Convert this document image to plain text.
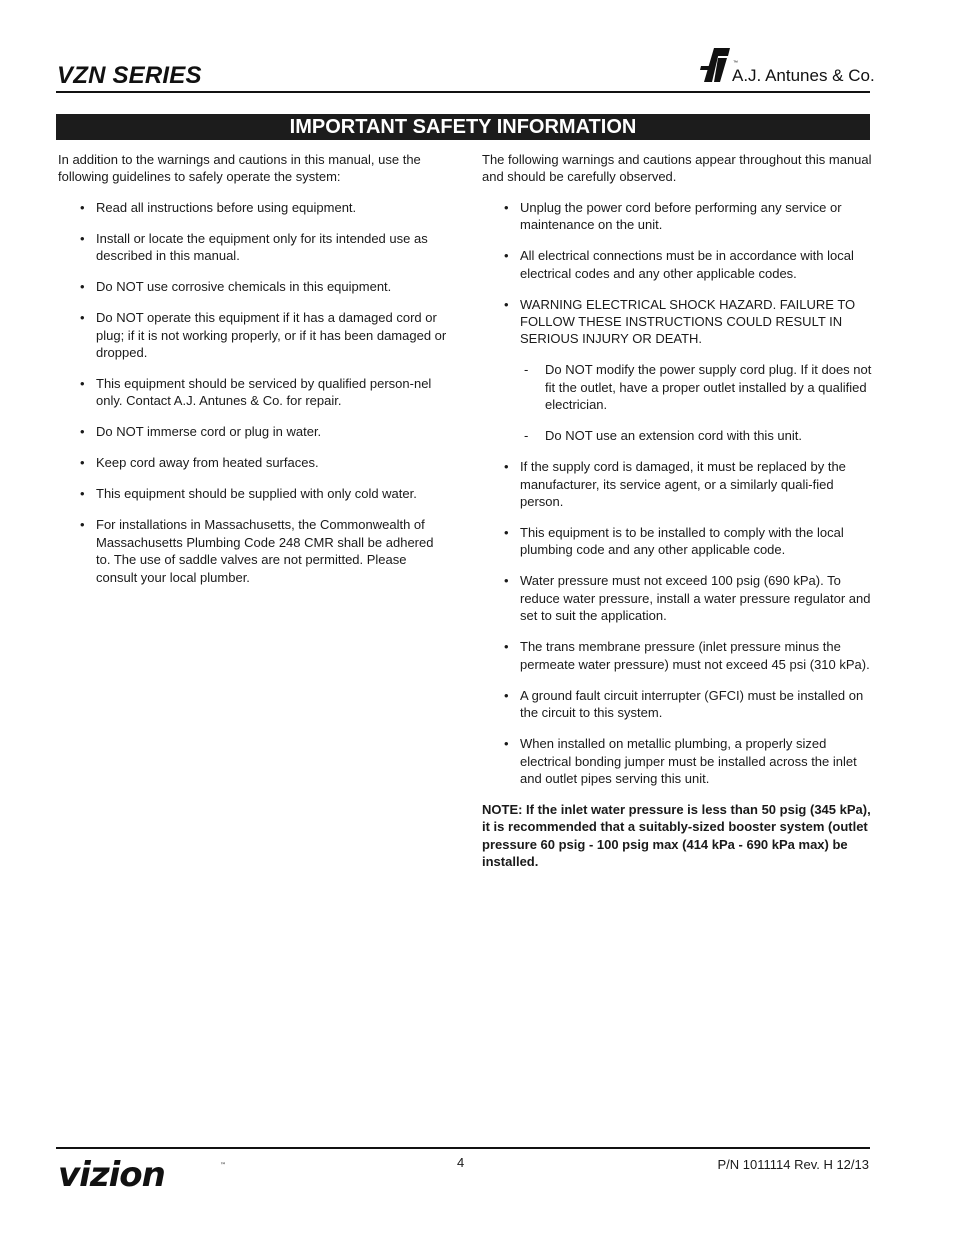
VZN SERIES	™
A.J. Antunes & Co.
IMPORTANT SAFETY INFORMATION

In addition to the warnings and cautions in this manual, use the following guidelines to safely operate the system:

• Read all instructions before using equipment.
• Install or locate the equipment only for its intended use as described in this manual.
• Do NOT use corrosive chemicals in this equipment.
• Do NOT operate this equipment if it has a damaged cord or plug; if it is not working properly, or if it has been damaged or dropped.
• This equipment should be serviced by qualified person-nel only. Contact A.J. Antunes & Co. for repair.
• Do NOT immerse cord or plug in water.
• Keep cord away from heated surfaces.
• This equipment should be supplied with only cold water.
• For installations in Massachusetts, the Commonwealth of Massachusetts Plumbing Code 248 CMR shall be adhered to. The use of saddle valves are not permitted. Please consult your local plumber.

The following warnings and cautions appear throughout this manual and should be carefully observed.

• Unplug the power cord before performing any service or maintenance on the unit.
• All electrical connections must be in accordance with local electrical codes and any other applicable codes.
• WARNING ELECTRICAL SHOCK HAZARD. FAILURE TO FOLLOW THESE INSTRUCTIONS COULD RESULT IN SERIOUS INJURY OR DEATH.
- Do NOT modify the power supply cord plug. If it does not fit the outlet, have a proper outlet installed by a qualified electrician.
- Do NOT use an extension cord with this unit.
• If the supply cord is damaged, it must be replaced by the manufacturer, its service agent, or a similarly quali-fied person.
• This equipment is to be installed to comply with the local plumbing code and any other applicable code.
• Water pressure must not exceed 100 psig (690 kPa). To reduce water pressure, install a water pressure regulator and set to suit the application.
• The trans membrane pressure (inlet pressure minus the permeate water pressure) must not exceed 45 psi (310 kPa).
• A ground fault circuit interrupter (GFCI) must be installed on the circuit to this system.
• When installed on metallic plumbing, a properly sized electrical bonding jumper must be installed across the inlet and outlet pipes serving this unit.

NOTE: If the inlet water pressure is less than 50 psig (345 kPa), it is recommended that a suitably-sized booster system (outlet pressure 60 psig - 100 psig max (414 kPa - 690 kPa max) be installed.

vizion	™	4	P/N 1011114 Rev. H 12/13
